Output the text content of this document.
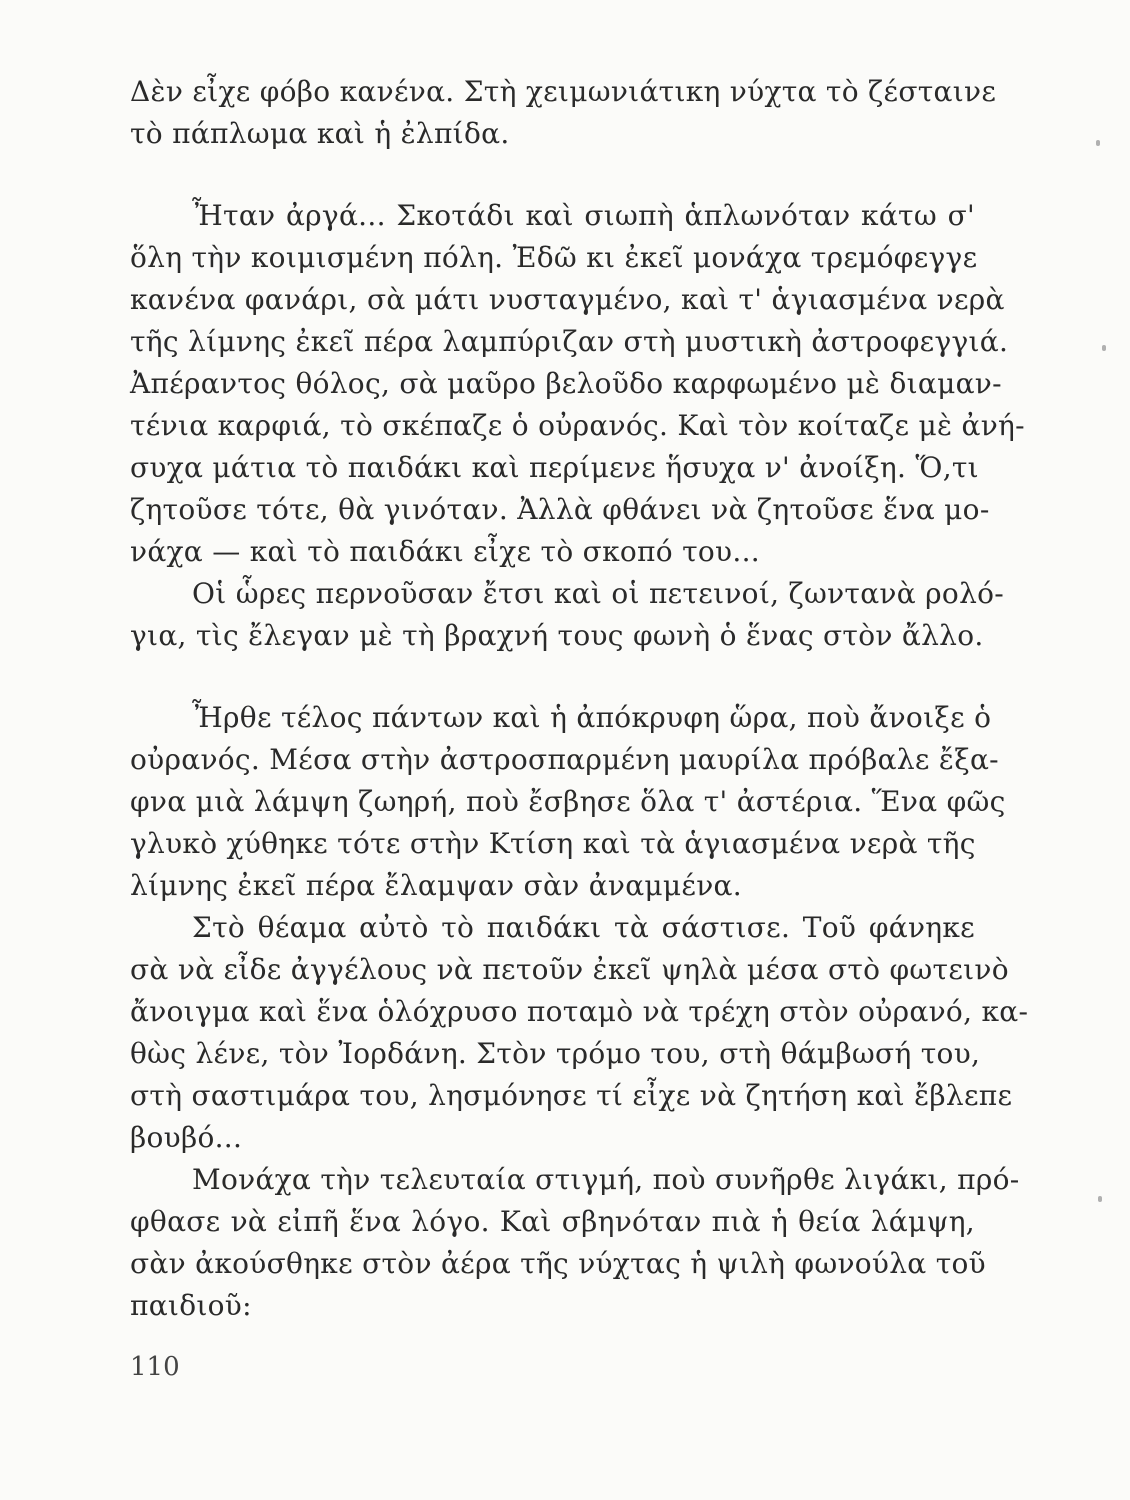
Δὲν εἶχε φόβο κανένα. Στὴ χειμωνιάτικη νύχτα τὸ ζέσταινε
τὸ πάπλωμα καὶ ἡ ἐλπίδα.
Ἦταν ἀργά... Σκοτάδι καὶ σιωπὴ ἁπλωνόταν κάτω σ'
ὅλη τὴν κοιμισμένη πόλη. Ἐδῶ κι ἐκεῖ μονάχα τρεμόφεγγε
κανένα φανάρι, σὰ μάτι νυσταγμένο, καὶ τ' ἁγιασμένα νερὰ
τῆς λίμνης ἐκεῖ πέρα λαμπύριζαν στὴ μυστικὴ ἀστροφεγγιά.
Ἀπέραντος θόλος, σὰ μαῦρο βελοῦδο καρφωμένο μὲ διαμαν-
τένια καρφιά, τὸ σκέπαζε ὁ οὐρανός. Καὶ τὸν κοίταζε μὲ ἀνή-
συχα μάτια τὸ παιδάκι καὶ περίμενε ἥσυχα ν' ἀνοίξη. Ὅ,τι
ζητοῦσε τότε, θὰ γινόταν. Ἀλλὰ φθάνει νὰ ζητοῦσε ἕνα μο-
νάχα — καὶ τὸ παιδάκι εἶχε τὸ σκοπό του...
Οἱ ὧρες περνοῦσαν ἔτσι καὶ οἱ πετεινοί, ζωντανὰ ρολό-
για, τὶς ἔλεγαν μὲ τὴ βραχνή τους φωνὴ ὁ ἕνας στὸν ἄλλο.
Ἦρθε τέλος πάντων καὶ ἡ ἀπόκρυφη ὥρα, ποὺ ἄνοιξε ὁ
οὐρανός. Μέσα στὴν ἀστροσπαρμένη μαυρίλα πρόβαλε ἔξα-
φνα μιὰ λάμψη ζωηρή, ποὺ ἔσβησε ὅλα τ' ἀστέρια. Ἕνα φῶς
γλυκὸ χύθηκε τότε στὴν Κτίση καὶ τὰ ἁγιασμένα νερὰ τῆς
λίμνης ἐκεῖ πέρα ἔλαμψαν σὰν ἀναμμένα.
Στὸ θέαμα αὐτὸ τὸ παιδάκι τὰ σάστισε. Τοῦ φάνηκε
σὰ νὰ εἶδε ἀγγέλους νὰ πετοῦν ἐκεῖ ψηλὰ μέσα στὸ φωτεινὸ
ἄνοιγμα καὶ ἕνα ὁλόχρυσο ποταμὸ νὰ τρέχη στὸν οὐρανό, κα-
θὼς λένε, τὸν Ἰορδάνη. Στὸν τρόμο του, στὴ θάμβωσή του,
στὴ σαστιμάρα του, λησμόνησε τί εἶχε νὰ ζητήση καὶ ἔβλεπε
βουβό...
Μονάχα τὴν τελευταία στιγμή, ποὺ συνῆρθε λιγάκι, πρό-
φθασε νὰ εἰπῆ ἕνα λόγο. Καὶ σβηνόταν πιὰ ἡ θεία λάμψη,
σὰν ἀκούσθηκε στὸν ἀέρα τῆς νύχτας ἡ ψιλὴ φωνούλα τοῦ
παιδιοῦ:
110
